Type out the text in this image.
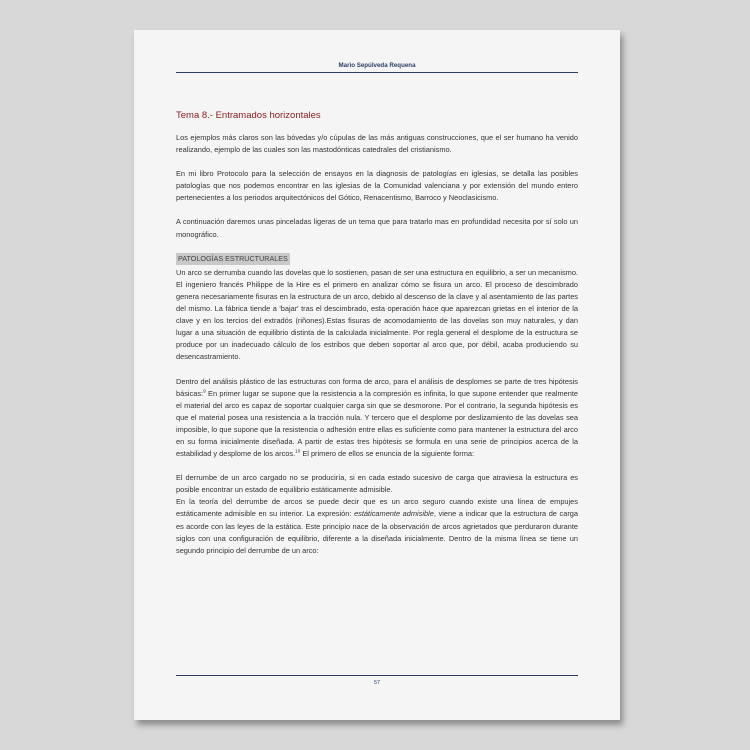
Mario Sepúlveda Requena
Tema 8.- Entramados horizontales

Los ejemplos más claros son las bóvedas y/o cúpulas de las más antiguas construcciones, que el ser humano ha venido realizando, ejemplo de las cuales son las mastodónticas catedrales del cristianismo.

En mi libro Protocolo para la selección de ensayos en la diagnosis de patologías en iglesias, se detalla las posibles patologías que nos podemos encontrar en las iglesias de la Comunidad valenciana y por extensión del mundo entero pertenecientes a los periodos arquitectónicos del Gótico, Renacentismo, Barroco y Neoclasicismo.

A continuación daremos unas pinceladas ligeras de un tema que para tratarlo mas en profundidad necesita por sí solo un monográfico.

PATOLOGÍAS ESTRUCTURALES

Un arco se derrumba cuando las dovelas que lo sostienen, pasan de ser una estructura en equilibrio, a ser un mecanismo. El ingeniero francés Philippe de la Hire es el primero en analizar cómo se fisura un arco. El proceso de descimbrado genera necesariamente fisuras en la estructura de un arco, debido al descenso de la clave y al asentamiento de las partes del mismo. La fábrica tiende a 'bajar' tras el descimbrado, esta operación hace que aparezcan grietas en el interior de la clave y en los tercios del extradós (riñones).Estas fisuras de acomodamiento de las dovelas son muy naturales, y dan lugar a una situación de equilibrio distinta de la calculada inicialmente. Por regla general el desplome de la estructura se produce por un inadecuado cálculo de los estribos que deben soportar al arco que, por débil, acaba produciendo su desencastramiento.

Dentro del análisis plástico de las estructuras con forma de arco, para el análisis de desplomes se parte de tres hipótesis básicas:$^9$ En primer lugar se supone que la resistencia a la compresión es infinita, lo que supone entender que realmente el material del arco es capaz de soportar cualquier carga sin que se desmorone. Por el contrario, la segunda hipótesis es que el material posea una resistencia a la tracción nula. Y tercero que el desplome por deslizamiento de las dovelas sea imposible, lo que supone que la resistencia o adhesión entre ellas es suficiente como para mantener la estructura del arco en su forma inicialmente diseñada. A partir de estas tres hipótesis se formula en una serie de principios acerca de la estabilidad y desplome de los arcos.$^{10}$ El primero de ellos se enuncia de la siguiente forma:

El derrumbe de un arco cargado no se produciría, si en cada estado sucesivo de carga que atraviesa la estructura es posible encontrar un estado de equilibrio estáticamente admisible.

En la teoría del derrumbe de arcos se puede decir que es un arco seguro cuando existe una línea de empujes estáticamente admisible en su interior. La expresión: estáticamente admisible, viene a indicar que la estructura de carga es acorde con las leyes de la estática. Este principio nace de la observación de arcos agrietados que perduraron durante siglos con una configuración de equilibrio, diferente a la diseñada inicialmente. Dentro de la misma línea se tiene un segundo principio del derrumbe de un arco:

57
